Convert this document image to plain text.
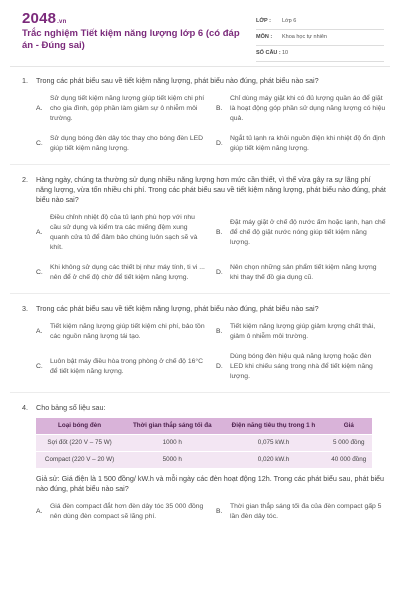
2048.vn
Trắc nghiệm Tiết kiệm năng lượng lớp 6 (có đáp án - Đúng sai)
LỚP : Lớp 6
MÔN : Khoa học tự nhiên
SỐ CÂU : 10
1.	Trong các phát biểu sau về tiết kiệm năng lượng, phát biểu nào đúng, phát biểu nào sai?
A.
Sử dụng tiết kiệm năng lượng giúp tiết kiệm chi phí cho gia đình, góp phần làm giảm sự ô nhiễm môi trường.
B.
Chỉ dùng máy giặt khi có đủ lượng quần áo để giặt là hoạt động góp phần sử dụng năng lượng có hiệu quả.
C.
Sử dụng bóng đèn dây tóc thay cho bóng đèn LED giúp tiết kiệm năng lượng.
D.
Ngắt tủ lạnh ra khỏi nguồn điện khi nhiệt độ ổn định giúp tiết kiệm năng lượng.
2.	Hàng ngày, chúng ta thường sử dụng nhiều năng lượng hơn mức cần thiết, vì thế vừa gây ra sự lãng phí năng lượng, vừa tốn nhiều chi phí. Trong các phát biểu sau về tiết kiệm năng lượng, phát biểu nào đúng, phát biểu nào sai?
A.
Điều chỉnh nhiệt độ của tủ lạnh phù hợp với nhu cầu sử dụng và kiểm tra các miếng đệm xung quanh cửa tủ để đảm bảo chúng luôn sạch sẽ và khít.
B.
Đặt máy giặt ở chế độ nước ấm hoặc lạnh, hạn chế để chế độ giặt nước nóng giúp tiết kiệm năng lượng.
C.
Khi không sử dụng các thiết bị như máy tính, ti vi ... nên để ở chế độ chờ để tiết kiệm năng lượng.
D.
Nên chọn những sản phẩm tiết kiệm năng lượng khi thay thế đồ gia dụng cũ.
3.	Trong các phát biểu sau về tiết kiệm năng lượng, phát biểu nào đúng, phát biểu nào sai?
A.
Tiết kiệm năng lượng giúp tiết kiệm chi phí, bảo tồn các nguồn năng lượng tái tạo.
B.
Tiết kiệm năng lượng giúp giảm lượng chất thải, giảm ô nhiễm môi trường.
C.
Luôn bật máy điều hòa trong phòng ở chế độ 16°C để tiết kiệm năng lượng.
D.
Dùng bóng đèn hiệu quả năng lượng hoặc đèn LED khi chiếu sáng trong nhà để tiết kiệm năng lượng.
4.	Cho bảng số liệu sau:
Loại bóng đèn	Thời gian thắp sáng tối đa	Điện năng tiêu thụ trong 1 h	Giá
Sợi đốt (220 V – 75 W)	1000 h	0,075 kW.h	5 000 đồng
Compact (220 V – 20 W)	5000 h	0,020 kW.h	40 000 đồng
Giả sử: Giá điện là 1 500 đồng/ kW.h và mỗi ngày các đèn hoạt động 12h. Trong các phát biểu sau, phát biểu nào đúng, phát biểu nào sai?
A.
Giá đèn compact đắt hơn đèn dây tóc 35 000 đồng nên dùng đèn compact sẽ lãng phí.
B.
Thời gian thắp sáng tối đa của đèn compact gấp 5 lần đèn dây tóc.
